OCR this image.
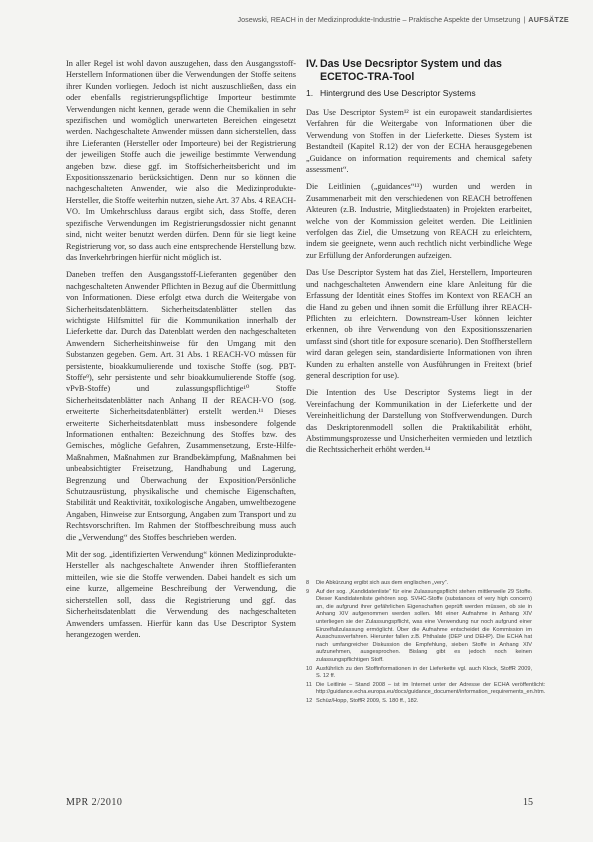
Josewski, REACH in der Medizinprodukte-Industrie – Praktische Aspekte der Umsetzung | AUFSÄTZE

In aller Regel ist wohl davon auszugehen, dass den Ausgangsstoff-Herstellern Informationen über die Verwendungen der Stoffe seitens ihrer Kunden vorliegen. Jedoch ist nicht auszuschließen, dass ein oder ebenfalls registrierungspflichtige Importeur bestimmte Verwendungen nicht kennen, gerade wenn die Chemikalien in sehr spezifischen und womöglich unerwarteten Bereichen eingesetzt werden. Nachgeschaltete Anwender müssen dann sicherstellen, dass ihre Lieferanten (Hersteller oder Importeure) bei der Registrierung der jeweiligen Stoffe auch die jeweilige bestimmte Verwendung angeben bzw. diese ggf. im Stoffsicherheitsbericht und im Expositionsszenario berücksichtigen. Denn nur so können die nachgeschalteten Anwender, wie also die Medizinprodukte-Hersteller, die Stoffe weiterhin nutzen, siehe Art. 37 Abs. 4 REACH-VO. Im Umkehrschluss daraus ergibt sich, dass Stoffe, deren spezifische Verwendungen im Registrierungsdossier nicht genannt sind, nicht weiter benutzt werden dürfen. Denn für sie liegt keine Registrierung vor, so dass auch eine entsprechende Herstellung bzw. das Inverkehrbringen hierfür nicht möglich ist.

Daneben treffen den Ausgangsstoff-Lieferanten gegenüber den nachgeschalteten Anwender Pflichten in Bezug auf die Übermittlung von Informationen. Diese erfolgt etwa durch die Weitergabe von Sicherheitsdatenblättern. Sicherheitsdatenblätter stellen das wichtigste Hilfsmittel für die Kommunikation innerhalb der Lieferkette dar. Durch das Datenblatt werden den nachgeschalteten Anwendern Sicherheitshinweise für den Umgang mit den Substanzen gegeben. Gem. Art. 31 Abs. 1 REACH-VO müssen für persistente, bioakkumulierende und toxische Stoffe (sog. PBT-Stoffe⁹), sehr persistente und sehr bioakkumulierende Stoffe (sog. vPvB-Stoffe) und zulassungspflichtige¹⁰ Stoffe Sicherheitsdatenblätter nach Anhang II der REACH-VO (sog. erweiterte Sicherheitsdatenblätter) erstellt werden.¹¹ Dieses erweiterte Sicherheitsdatenblatt muss insbesondere folgende Informationen enthalten: Bezeichnung des Stoffes bzw. des Gemisches, mögliche Gefahren, Zusammensetzung, Erste-Hilfe-Maßnahmen, Maßnahmen zur Brandbekämpfung, Maßnahmen bei unbeabsichtigter Freisetzung, Handhabung und Lagerung, Begrenzung und Überwachung der Exposition/Persönliche Schutzausrüstung, physikalische und chemische Eigenschaften, Stabilität und Reaktivität, toxikologische Angaben, umweltbezogene Angaben, Hinweise zur Entsorgung, Angaben zum Transport und zu Rechtsvorschriften. Im Rahmen der Stoffbeschreibung muss auch die „Verwendung“ des Stoffes beschrieben werden.

Mit der sog. „identifizierten Verwendung“ können Medizinprodukte-Hersteller als nachgeschaltete Anwender ihren Stofflieferanten mitteilen, wie sie die Stoffe verwenden. Dabei handelt es sich um eine kurze, allgemeine Beschreibung der Verwendung, die sicherstellen soll, dass die Registrierung und ggf. das Sicherheitsdatenblatt die Verwendung des nachgeschalteten Anwenders umfassen. Hierfür kann das Use Descriptor System herangezogen werden.

IV. Das Use Decsriptor System und das ECETOC-TRA-Tool
1. Hintergrund des Use Descriptor Systems

Das Use Descriptor System¹² ist ein europaweit standardisiertes Verfahren für die Weitergabe von Informationen über die Verwendung von Stoffen in der Lieferkette. Dieses System ist Bestandteil (Kapitel R.12) der von der ECHA herausgegebenen „Guidance on information requirements and chemical safety assessment“.

Die Leitlinien („guidances“¹³) wurden und werden in Zusammenarbeit mit den verschiedenen von REACH betroffenen Akteuren (z.B. Industrie, Mitgliedstaaten) in Projekten erarbeitet, welche von der Kommission geleitet werden. Die Leitlinien verfolgen das Ziel, die Umsetzung von REACH zu erleichtern, indem sie geeignete, wenn auch rechtlich nicht verbindliche Wege zur Erfüllung der Anforderungen aufzeigen.

Das Use Descriptor System hat das Ziel, Herstellern, Importeuren und nachgeschalteten Anwendern eine klare Anleitung für die Erfassung der Identität eines Stoffes im Kontext von REACH an die Hand zu geben und ihnen somit die Erfüllung ihrer REACH-Pflichten zu erleichtern. Downstream-User können leichter erkennen, ob ihre Verwendung von den Expositionsszenarien umfasst sind (short title for exposure scenario). Den Stoffherstellern wird daran gelegen sein, standardisierte Informationen von ihren Kunden zu erhalten anstelle von Ausführungen in Freitext (brief general description for use).

Die Intention des Use Descriptor Systems liegt in der Vereinfachung der Kommunikation in der Lieferkette und der Vereinheitlichung der Darstellung von Stoffverwendungen. Durch das Deskriptorenmodell sollen die Praktikabilität erhöht, Abstimmungsprozesse und Unsicherheiten vermieden und letztlich die Rechtssicherheit erhöht werden.¹⁴

8	Die Abkürzung ergibt sich aus dem englischen „very“.
9	Auf der sog. „Kandidatenliste“ für eine Zulassungspflicht stehen mittlerweile 29 Stoffe. Dieser Kandidatenliste gehören sog. SVHC-Stoffe (substances of very high concern) an, die aufgrund ihrer gefährlichen Eigenschaften geprüft werden müssen, ob sie in Anhang XIV aufgenommen werden sollen. Mit einer Aufnahme in Anhang XIV unterliegen sie der Zulassungspflicht, was eine Verwendung nur noch aufgrund einer Einzelfallzulassung ermöglicht. Über die Aufnahme entscheidet die Kommission im Ausschussverfahren. Hierunter fallen z.B. Phthalate (DEP und DEHP). Die ECHA hat nach umfangreicher Diskussion die Empfehlung, sieben Stoffe in Anhang XIV aufzunehmen, ausgesprochen. Bislang gibt es jedoch noch keinen zulassungspflichtigen Stoff.
10 Ausführlich zu den Stoffinformationen in der Lieferkette vgl. auch Klock, StoffR 2009, S. 12 ff.
11 Die Leitlinie – Stand 2008 – ist im Internet unter der Adresse der ECHA veröffentlicht: http://guidance.echa.europa.eu/docs/guidance_document/information_requirements_en.htm.
12 Schüz/Hopp, StoffR 2009, S. 180 ff., 182.
MPR 2/2010	15
